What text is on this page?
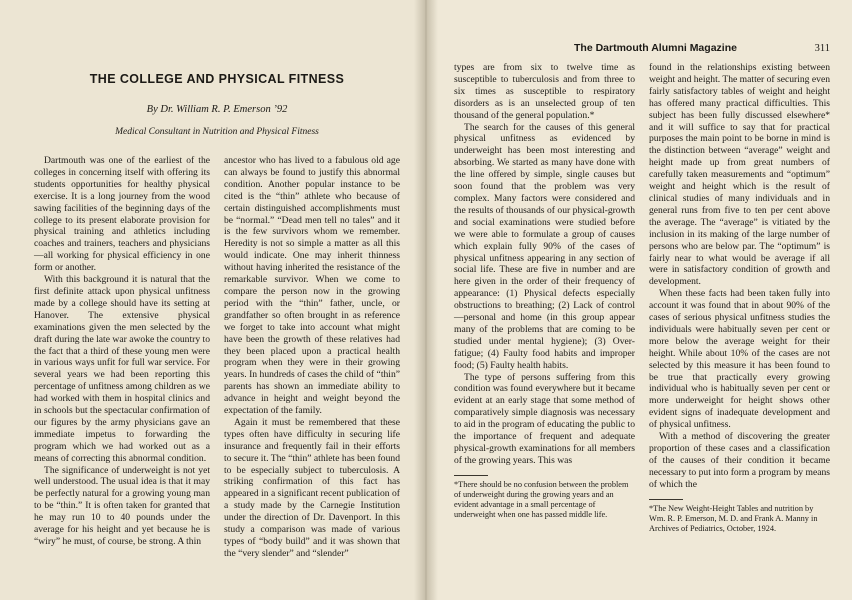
THE COLLEGE AND PHYSICAL FITNESS
By Dr. William R. P. Emerson ’92
Medical Consultant in Nutrition and Physical Fitness

Dartmouth was one of the earliest of the colleges in concerning itself with offering its students opportunities for healthy physical exercise. It is a long journey from the wood sawing facilities of the beginning days of the college to its present elaborate provision for physical training and athletics including coaches and trainers, teachers and physicians—all working for physical efficiency in one form or another.

With this background it is natural that the first definite attack upon physical unfitness made by a college should have its setting at Hanover. The extensive physical examinations given the men selected by the draft during the late war awoke the country to the fact that a third of these young men were in various ways unfit for full war service. For several years we had been reporting this percentage of unfitness among children as we had worked with them in hospital clinics and in schools but the spectacular confirmation of our figures by the army physicians gave an immediate impetus to forwarding the program which we had worked out as a means of correcting this abnormal condition.

The significance of underweight is not yet well understood. The usual idea is that it may be perfectly natural for a growing young man to be “thin.” It is often taken for granted that he may run 10 to 40 pounds under the average for his height and yet because he is “wiry” he must, of course, be strong. A thin

ancestor who has lived to a fabulous old age can always be found to justify this abnormal condition. Another popular instance to be cited is the “thin” athlete who because of certain distinguished accomplishments must be “normal.” “Dead men tell no tales” and it is the few survivors whom we remember. Heredity is not so simple a matter as all this would indicate. One may inherit thinness without having inherited the resistance of the remarkable survivor. When we come to compare the person now in the growing period with the “thin” father, uncle, or grandfather so often brought in as reference we forget to take into account what might have been the growth of these relatives had they been placed upon a practical health program when they were in their growing years. In hundreds of cases the child of “thin” parents has shown an immediate ability to advance in height and weight beyond the expectation of the family.

Again it must be remembered that these types often have difficulty in securing life insurance and frequently fail in their efforts to secure it. The “thin” athlete has been found to be especially subject to tuberculosis. A striking confirmation of this fact has appeared in a significant recent publication of a study made by the Carnegie Institution under the direction of Dr. Davenport. In this study a comparison was made of various types of “body build” and it was shown that the “very slender” and “slender”

The Dartmouth Alumni Magazine	311

types are from six to twelve time as susceptible to tuberculosis and from three to six times as susceptible to respiratory disorders as is an unselected group of ten thousand of the general population.*

The search for the causes of this general physical unfitness as evidenced by underweight has been most interesting and absorbing. We started as many have done with the line offered by simple, single causes but soon found that the problem was very complex. Many factors were considered and the results of thousands of our physical-growth and social examinations were studied before we were able to formulate a group of causes which explain fully 90% of the cases of physical unfitness appearing in any section of social life. These are five in number and are here given in the order of their frequency of appearance: (1) Physical defects especially obstructions to breathing; (2) Lack of control—personal and home (in this group appear many of the problems that are coming to be studied under mental hygiene); (3) Over-fatigue; (4) Faulty food habits and improper food; (5) Faulty health habits.

The type of persons suffering from this condition was found everywhere but it became evident at an early stage that some method of comparatively simple diagnosis was necessary to aid in the program of educating the public to the importance of frequent and adequate physical-growth examinations for all members of the growing years. This was

*There should be no confusion between the problem of underweight during the growing years and an evident advantage in a small percentage of underweight when one has passed middle life.

found in the relationships existing between weight and height. The matter of securing even fairly satisfactory tables of weight and height has offered many practical difficulties. This subject has been fully discussed elsewhere* and it will suffice to say that for practical purposes the main point to be borne in mind is the distinction between “average” weight and height made up from great numbers of carefully taken measurements and “optimum” weight and height which is the result of clinical studies of many individuals and in general runs from five to ten per cent above the average. The “average” is vitiated by the inclusion in its making of the large number of persons who are below par. The “optimum” is fairly near to what would be average if all were in satisfactory condition of growth and development.

When these facts had been taken fully into account it was found that in about 90% of the cases of serious physical unfitness studies the individuals were habitually seven per cent or more below the average weight for their height. While about 10% of the cases are not selected by this measure it has been found to be true that practically every growing individual who is habitually seven per cent or more underweight for height shows other evident signs of inadequate development and of physical unfitness.

With a method of discovering the greater proportion of these cases and a classification of the causes of their condition it became necessary to put into form a program by means of which the

*The New Weight-Height Tables and nutrition by Wm. R. P. Emerson, M. D. and Frank A. Manny in Archives of Pediatrics, October, 1924.
